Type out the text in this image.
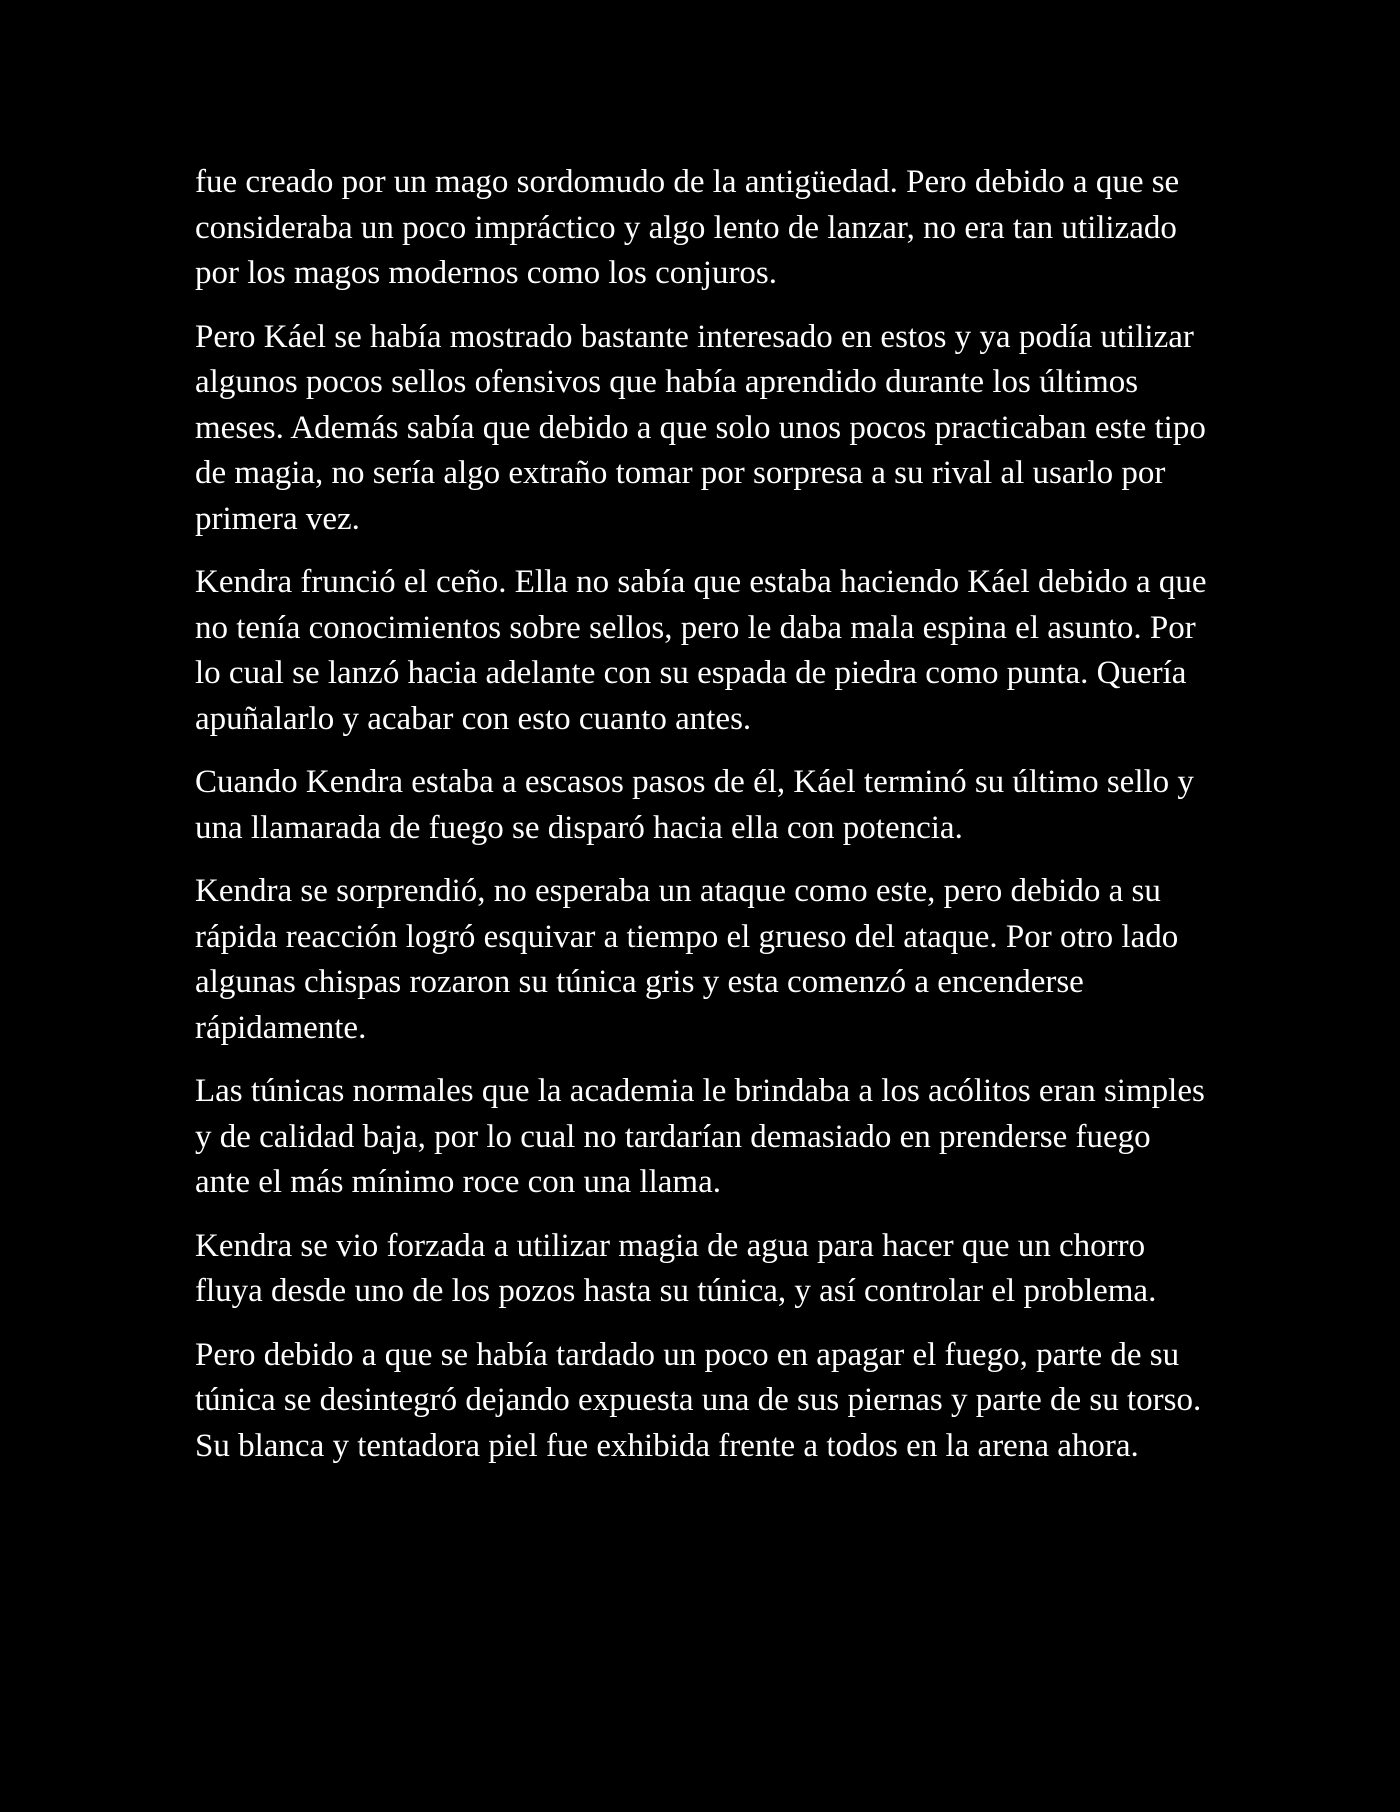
fue creado por un mago sordomudo de la antigüedad. Pero debido a que se consideraba un poco impráctico y algo lento de lanzar, no era tan utilizado por los magos modernos como los conjuros.

Pero Káel se había mostrado bastante interesado en estos y ya podía utilizar algunos pocos sellos ofensivos que había aprendido durante los últimos meses. Además sabía que debido a que solo unos pocos practicaban este tipo de magia, no sería algo extraño tomar por sorpresa a su rival al usarlo por primera vez.

Kendra frunció el ceño. Ella no sabía que estaba haciendo Káel debido a que no tenía conocimientos sobre sellos, pero le daba mala espina el asunto. Por lo cual se lanzó hacia adelante con su espada de piedra como punta. Quería apuñalarlo y acabar con esto cuanto antes.

Cuando Kendra estaba a escasos pasos de él, Káel terminó su último sello y una llamarada de fuego se disparó hacia ella con potencia.

Kendra se sorprendió, no esperaba un ataque como este, pero debido a su rápida reacción logró esquivar a tiempo el grueso del ataque. Por otro lado algunas chispas rozaron su túnica gris y esta comenzó a encenderse rápidamente.

Las túnicas normales que la academia le brindaba a los acólitos eran simples y de calidad baja, por lo cual no tardarían demasiado en prenderse fuego ante el más mínimo roce con una llama.

Kendra se vio forzada a utilizar magia de agua para hacer que un chorro fluya desde uno de los pozos hasta su túnica, y así controlar el problema.

Pero debido a que se había tardado un poco en apagar el fuego, parte de su túnica se desintegró dejando expuesta una de sus piernas y parte de su torso. Su blanca y tentadora piel fue exhibida frente a todos en la arena ahora.
